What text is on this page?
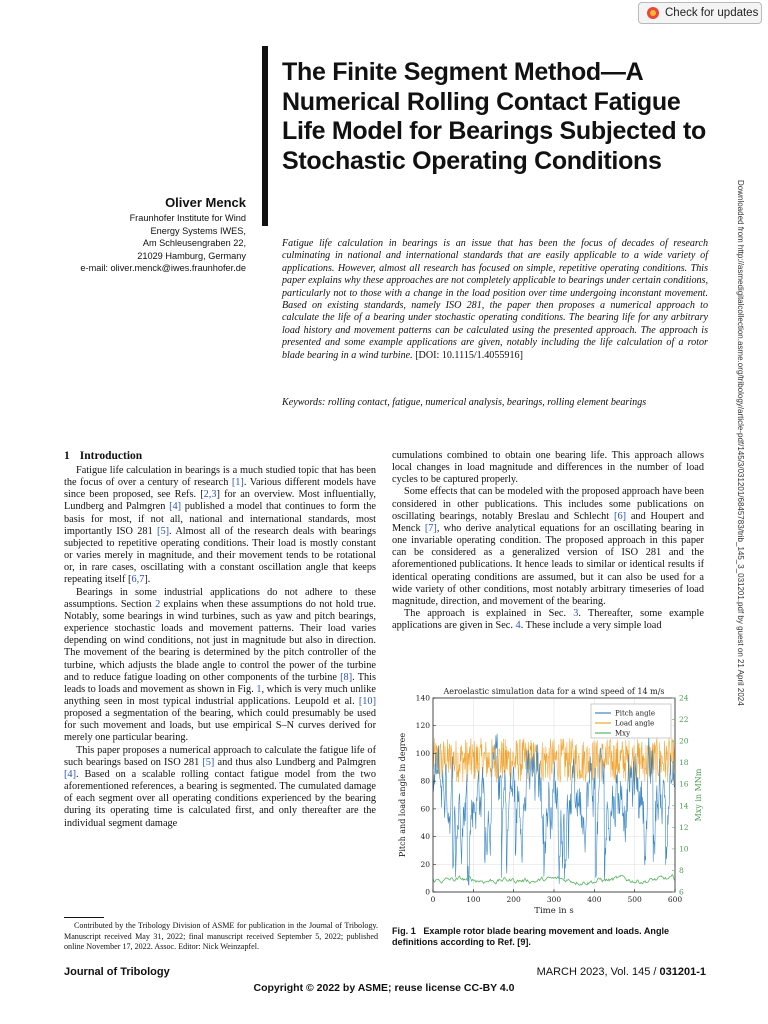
Check for updates
The Finite Segment Method—A Numerical Rolling Contact Fatigue Life Model for Bearings Subjected to Stochastic Operating Conditions
Oliver Menck
Fraunhofer Institute for Wind
Energy Systems IWES,
Am Schleusengraben 22,
21029 Hamburg, Germany
e-mail: oliver.menck@iwes.fraunhofer.de

Fatigue life calculation in bearings is an issue that has been the focus of decades of research culminating in national and international standards that are easily applicable to a wide variety of applications. However, almost all research has focused on simple, repetitive operating conditions. This paper explains why these approaches are not completely applicable to bearings under certain conditions, particularly not to those with a change in the load position over time undergoing inconstant movement. Based on existing standards, namely ISO 281, the paper then proposes a numerical approach to calculate the life of a bearing under stochastic operating conditions. The bearing life for any arbitrary load history and movement patterns can be calculated using the presented approach. The approach is presented and some example applications are given, notably including the life calculation of a rotor blade bearing in a wind turbine. [DOI: 10.1115/1.4055916]

Keywords: rolling contact, fatigue, numerical analysis, bearings, rolling element bearings	Downloaded from http://asmedigitalcollection.asme.org/tribology/article-pdf/145/3/031201/6845783/trib_145_3_031201.pdf by guest on 21 April 2024
1 Introduction

Fatigue life calculation in bearings is a much studied topic that has been the focus of over a century of research [1]. Various different models have since been proposed, see Refs. [2,3] for an overview. Most influentially, Lundberg and Palmgren [4] published a model that continues to form the basis for most, if not all, national and international standards, most importantly ISO 281 [5]. Almost all of the research deals with bearings subjected to repetitive operating conditions. Their load is mostly constant or varies merely in magnitude, and their movement tends to be rotational or, in rare cases, oscillating with a constant oscillation angle that keeps repeating itself [6,7].

Bearings in some industrial applications do not adhere to these assumptions. Section 2 explains when these assumptions do not hold true. Notably, some bearings in wind turbines, such as yaw and pitch bearings, experience stochastic loads and movement patterns. Their load varies depending on wind conditions, not just in magnitude but also in direction. The movement of the bearing is determined by the pitch controller of the turbine, which adjusts the blade angle to control the power of the turbine and to reduce fatigue loading on other components of the turbine [8]. This leads to loads and movement as shown in Fig. 1, which is very much unlike anything seen in most typical industrial applications. Leupold et al. [10] proposed a segmentation of the bearing, which could presumably be used for such movement and loads, but use empirical S–N curves derived for merely one particular bearing.

This paper proposes a numerical approach to calculate the fatigue life of such bearings based on ISO 281 [5] and thus also Lundberg and Palmgren [4]. Based on a scalable rolling contact fatigue model from the two aforementioned references, a bearing is segmented. The cumulated damage of each segment over all operating conditions experienced by the bearing during its operating time is calculated first, and only thereafter are the individual segment damage

cumulations combined to obtain one bearing life. This approach allows local changes in load magnitude and differences in the number of load cycles to be captured properly.

Some effects that can be modeled with the proposed approach have been considered in other publications. This includes some publications on oscillating bearings, notably Breslau and Schlecht [6] and Houpert and Menck [7], who derive analytical equations for an oscillating bearing in one invariable operating condition. The proposed approach in this paper can be considered as a generalized version of ISO 281 and the aforementioned publications. It hence leads to similar or identical results if identical operating conditions are assumed, but it can also be used for a wide variety of other conditions, most notably arbitrary timeseries of load magnitude, direction, and movement of the bearing.

The approach is explained in Sec. 3. Thereafter, some example applications are given in Sec. 4. These include a very simple load

0	100	200	300	400	500	600
0
20
40
60
80
100
120
140
6
8
10
12
14
16
18
20
22
24
Aeroelastic simulation data for a wind speed of 14 m/s
Time in s
Pitch and load angle in degree	Mxy in MNm
Pitch angle
Load angle
Mxy

Fig. 1 Example rotor blade bearing movement and loads. Angle definitions according to Ref. [9].

Contributed by the Tribology Division of ASME for publication in the Journal of Tribology. Manuscript received May 31, 2022; final manuscript received September 5, 2022; published online November 17, 2022. Assoc. Editor: Nick Weinzapfel.

Journal of Tribology	MARCH 2023, Vol. 145 / 031201-1
Copyright © 2022 by ASME; reuse license CC-BY 4.0
